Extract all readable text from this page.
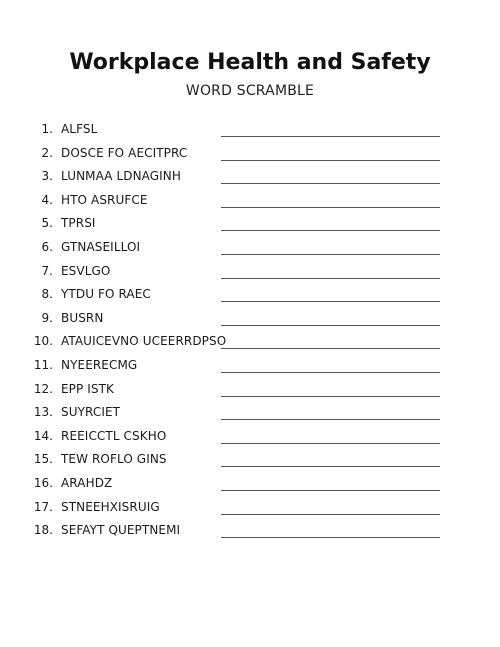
Workplace Health and Safety
WORD SCRAMBLE
1. ALFSL
2. DOSCE FO AECITPRC
3. LUNMAA LDNAGINH
4. HTO ASRUFCE
5. TPRSI
6. GTNASEILLOI
7. ESVLGO
8. YTDU FO RAEC
9. BUSRN
10. ATAUICEVNO UCEERRDPSO
11. NYEERECMG
12. EPP ISTK
13. SUYRCIET
14. REEICCTL CSKHO
15. TEW ROFLO GINS
16. ARAHDZ
17. STNEEHXISRUIG
18. SEFAYT QUEPTNEMI
